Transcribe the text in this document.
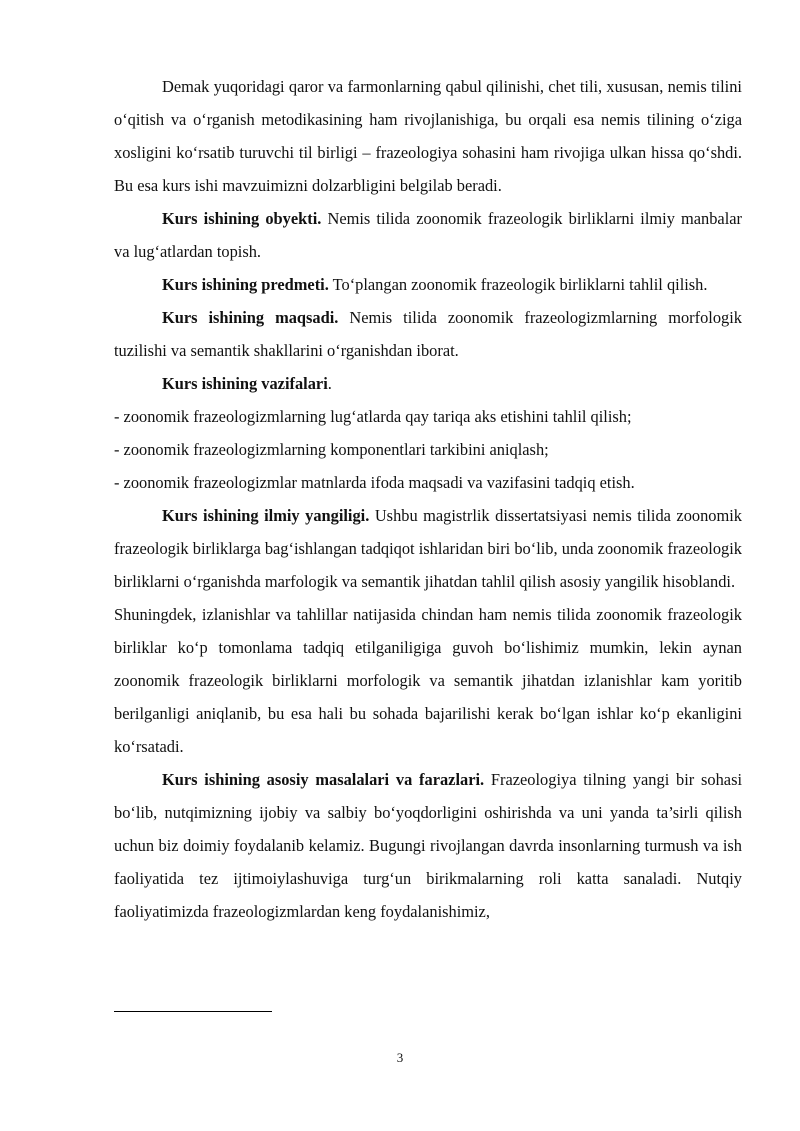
Demak yuqoridagi qaror va farmonlarning qabul qilinishi, chet tili, xususan, nemis tilini o‘qitish va o‘rganish metodikasining ham rivojlanishiga, bu orqali esa nemis tilining o‘ziga xosligini ko‘rsatib turuvchi til birligi – frazeologiya sohasini ham rivojiga ulkan hissa qo‘shdi. Bu esa kurs ishi mavzuimizni dolzarbligini belgilab beradi.

Kurs ishining obyekti. Nemis tilida zoonomik frazeologik birliklarni ilmiy manbalar va lug‘atlardan topish.

Kurs ishining predmeti. To‘plangan zoonomik frazeologik birliklarni tahlil qilish.

Kurs ishining maqsadi. Nemis tilida zoonomik frazeologizmlarning morfologik tuzilishi va semantik shakllarini o‘rganishdan iborat.

Kurs ishining vazifalari.

- zoonomik frazeologizmlarning lug‘atlarda qay tariqa aks etishini tahlil qilish;

- zoonomik frazeologizmlarning komponentlari tarkibini aniqlash;

- zoonomik frazeologizmlar matnlarda ifoda maqsadi va vazifasini tadqiq etish.

Kurs ishining ilmiy yangiligi. Ushbu magistrlik dissertatsiyasi nemis tilida zoonomik frazeologik birliklarga bag‘ishlangan tadqiqot ishlaridan biri bo‘lib, unda zoonomik frazeologik birliklarni o‘rganishda marfologik va semantik jihatdan tahlil qilish asosiy yangilik hisoblandi.

Shuningdek, izlanishlar va tahlillar natijasida chindan ham nemis tilida zoonomik frazeologik birliklar ko‘p tomonlama tadqiq etilganiligiga guvoh bo‘lishimiz mumkin, lekin aynan zoonomik frazeologik birliklarni morfologik va semantik jihatdan izlanishlar kam yoritib berilganligi aniqlanib, bu esa hali bu sohada bajarilishi kerak bo‘lgan ishlar ko‘p ekanligini ko‘rsatadi.

Kurs ishining asosiy masalalari va farazlari. Frazeologiya tilning yangi bir sohasi bo‘lib, nutqimizning ijobiy va salbiy bo‘yoqdorligini oshirishda va uni yanda ta’sirli qilish uchun biz doimiy foydalanib kelamiz. Bugungi rivojlangan davrda insonlarning turmush va ish faoliyatida tez ijtimoiylashuviga turg‘un birikmalarning roli katta sanaladi. Nutqiy faoliyatimizda frazeologizmlardan keng foydalanishimiz,

3
